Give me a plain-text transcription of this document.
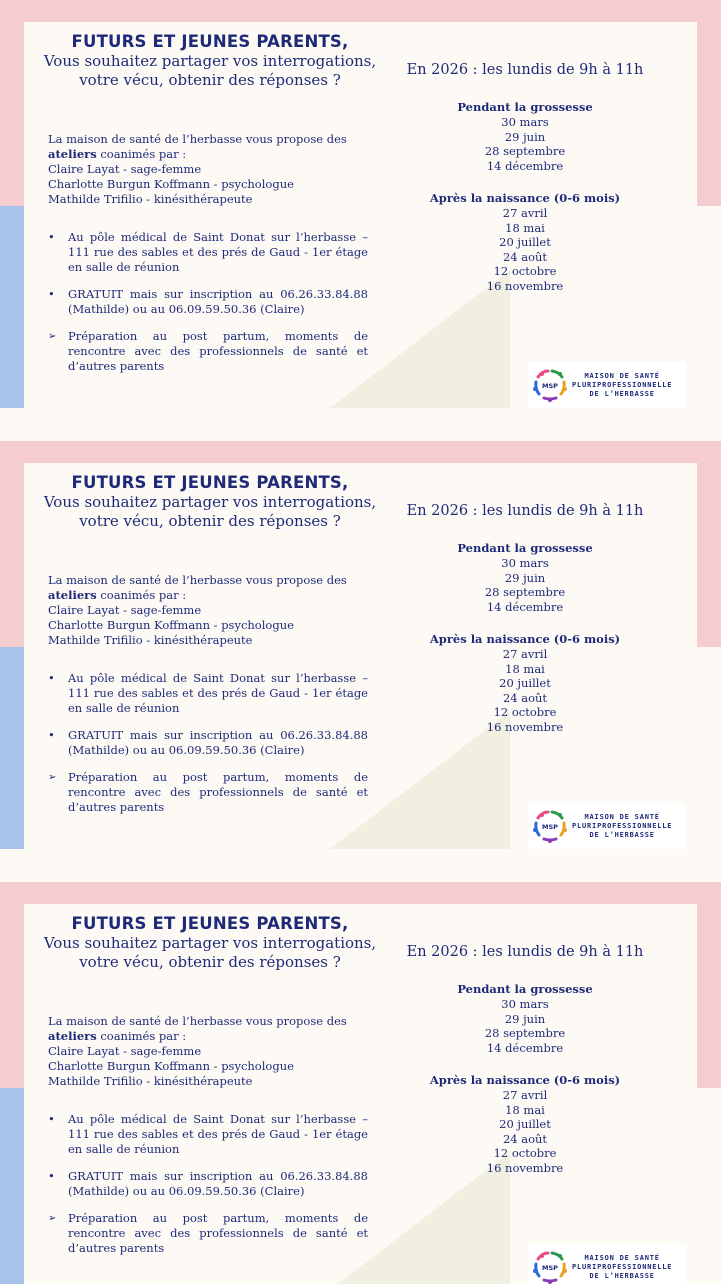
FUTURS ET JEUNES PARENTS,
Vous souhaitez partager vos interrogations, votre vécu, obtenir des réponses ?
La maison de santé de l’herbasse vous propose des ateliers coanimés par :
Claire Layat - sage-femme
Charlotte Burgun Koffmann - psychologue
Mathilde Trifilio - kinésithérapeute
• Au pôle médical de Saint Donat sur l’herbasse – 111 rue des sables et des prés de Gaud - 1er étage en salle de réunion
• GRATUIT mais sur inscription au 06.26.33.84.88 (Mathilde) ou au 06.09.59.50.36 (Claire)
➢ Préparation au post partum, moments de rencontre avec des professionnels de santé et d’autres parents
En 2026 : les lundis de 9h à 11h
Pendant la grossesse
30 mars
29 juin
28 septembre
14 décembre
Après la naissance (0-6 mois)
27 avril
18 mai
20 juillet
24 août
12 octobre
16 novembre
MSP
MAISON DE SANTÉ
PLURIPROFESSIONNELLE
DE L’HERBASSE
FUTURS ET JEUNES PARENTS,
Vous souhaitez partager vos interrogations, votre vécu, obtenir des réponses ?
La maison de santé de l’herbasse vous propose des ateliers coanimés par :
Claire Layat - sage-femme
Charlotte Burgun Koffmann - psychologue
Mathilde Trifilio - kinésithérapeute
• Au pôle médical de Saint Donat sur l’herbasse – 111 rue des sables et des prés de Gaud - 1er étage en salle de réunion
• GRATUIT mais sur inscription au 06.26.33.84.88 (Mathilde) ou au 06.09.59.50.36 (Claire)
➢ Préparation au post partum, moments de rencontre avec des professionnels de santé et d’autres parents
En 2026 : les lundis de 9h à 11h
Pendant la grossesse
30 mars
29 juin
28 septembre
14 décembre
Après la naissance (0-6 mois)
27 avril
18 mai
20 juillet
24 août
12 octobre
16 novembre
MSP
MAISON DE SANTÉ
PLURIPROFESSIONNELLE
DE L’HERBASSE
FUTURS ET JEUNES PARENTS,
Vous souhaitez partager vos interrogations, votre vécu, obtenir des réponses ?
La maison de santé de l’herbasse vous propose des ateliers coanimés par :
Claire Layat - sage-femme
Charlotte Burgun Koffmann - psychologue
Mathilde Trifilio - kinésithérapeute
• Au pôle médical de Saint Donat sur l’herbasse – 111 rue des sables et des prés de Gaud - 1er étage en salle de réunion
• GRATUIT mais sur inscription au 06.26.33.84.88 (Mathilde) ou au 06.09.59.50.36 (Claire)
➢ Préparation au post partum, moments de rencontre avec des professionnels de santé et d’autres parents
En 2026 : les lundis de 9h à 11h
Pendant la grossesse
30 mars
29 juin
28 septembre
14 décembre
Après la naissance (0-6 mois)
27 avril
18 mai
20 juillet
24 août
12 octobre
16 novembre
MSP
MAISON DE SANTÉ
PLURIPROFESSIONNELLE
DE L’HERBASSE
